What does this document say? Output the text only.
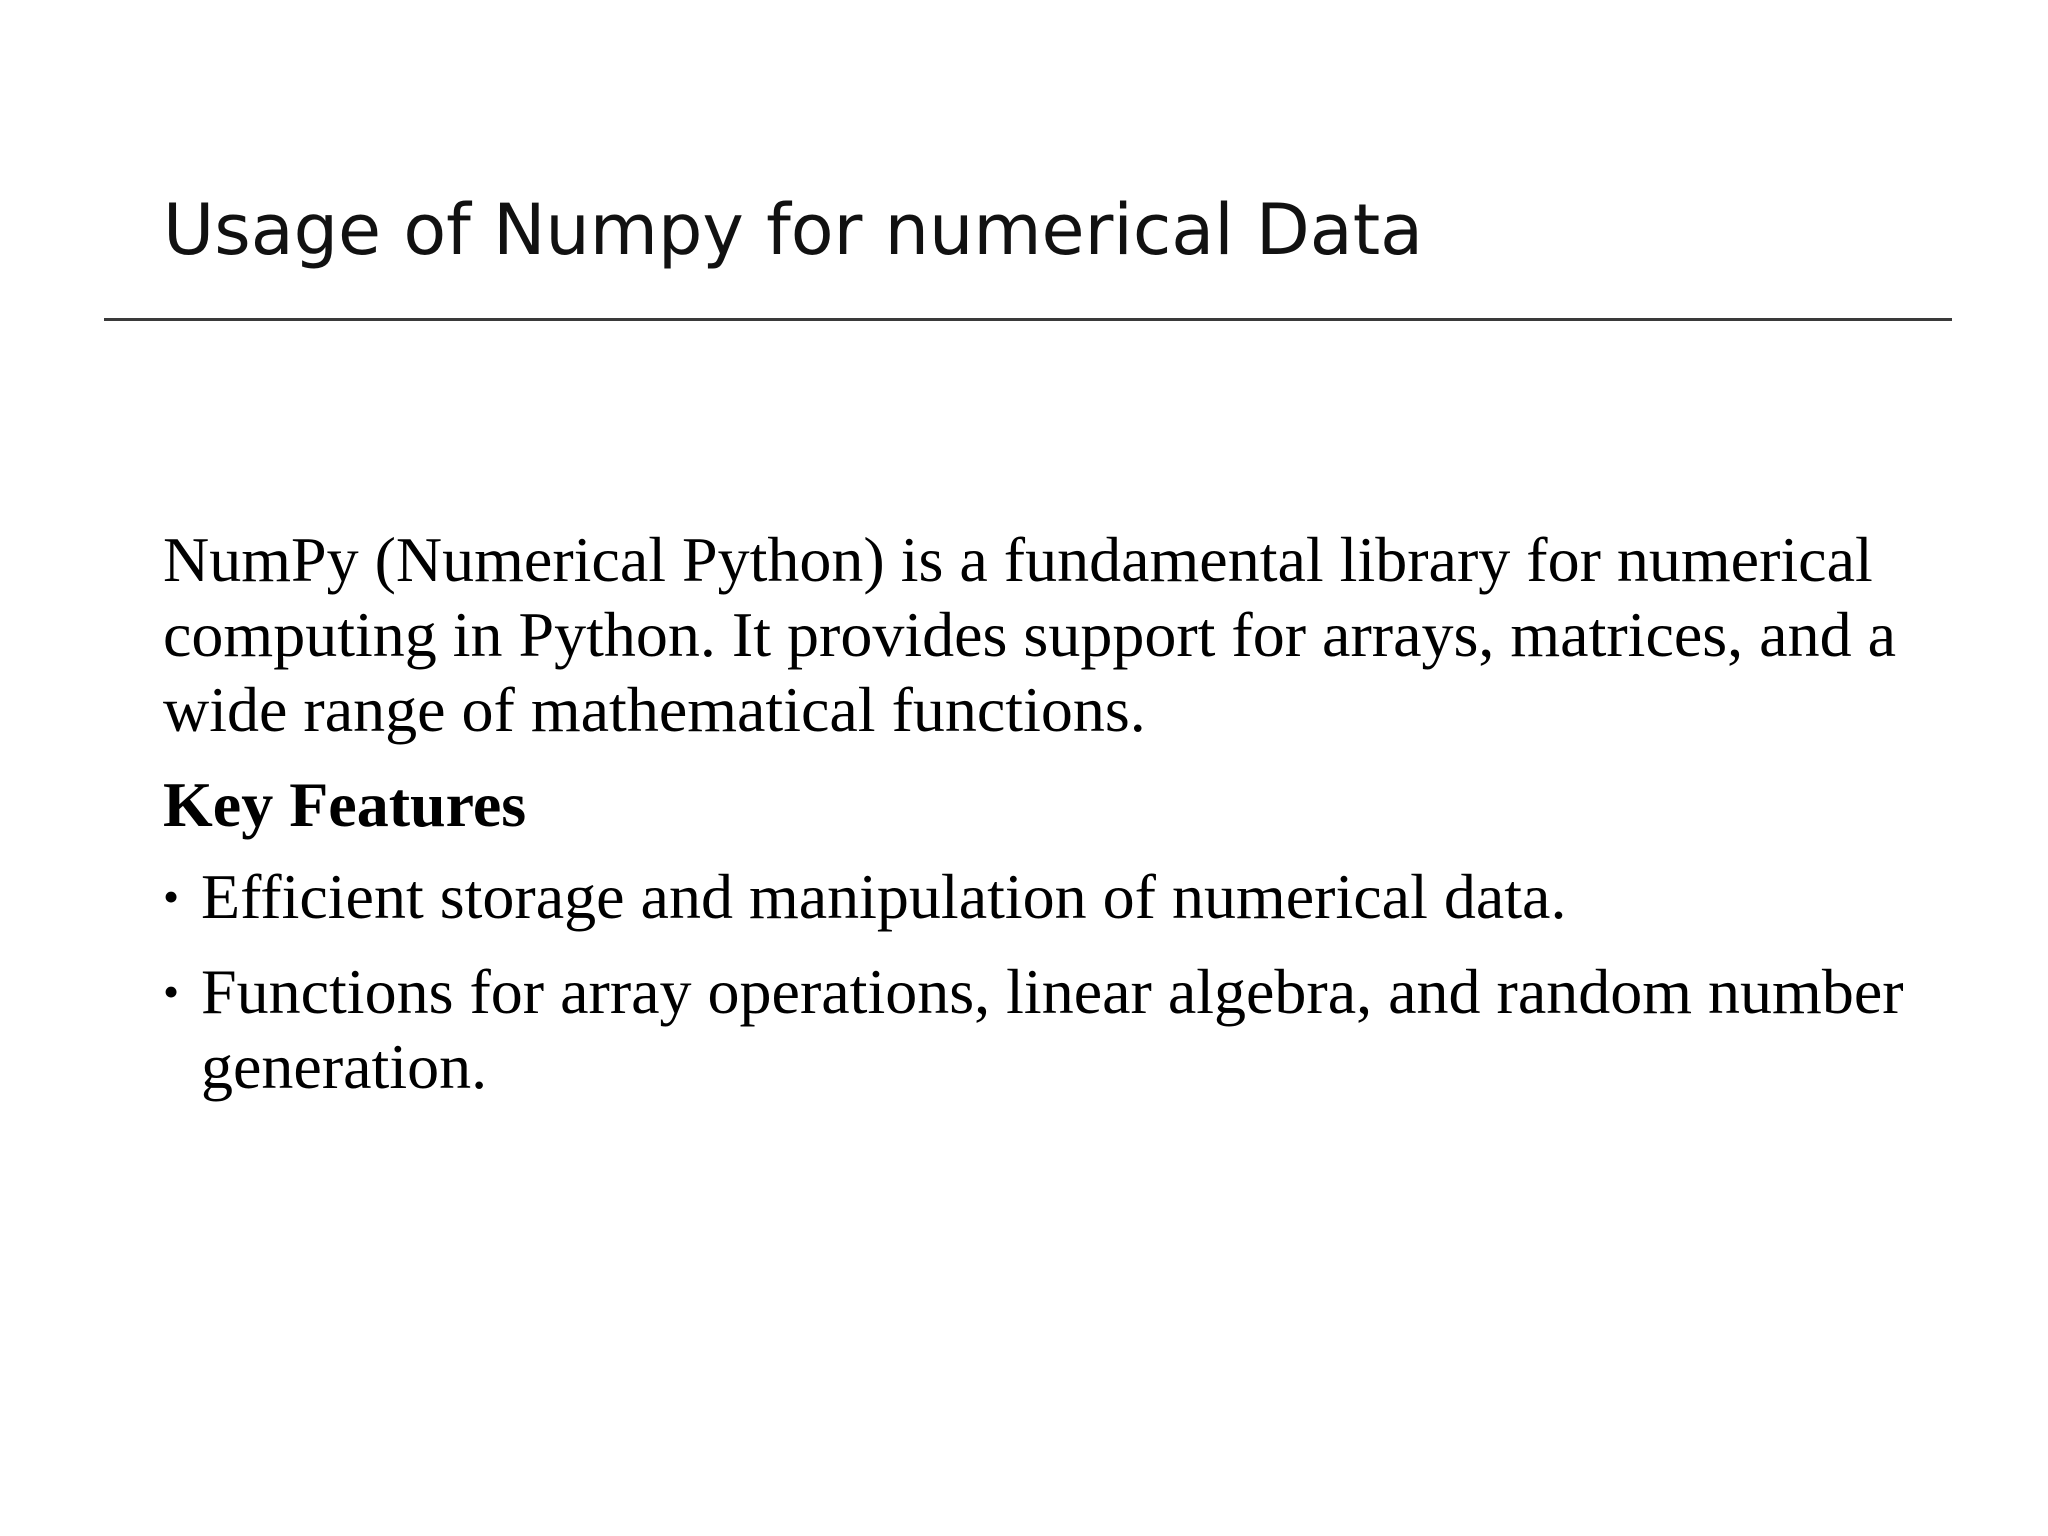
Usage of Numpy for numerical Data

NumPy (Numerical Python) is a fundamental library for numerical computing in Python. It provides support for arrays, matrices, and a wide range of mathematical functions.

Key Features

• Efficient storage and manipulation of numerical data.
• Functions for array operations, linear algebra, and random number generation.
